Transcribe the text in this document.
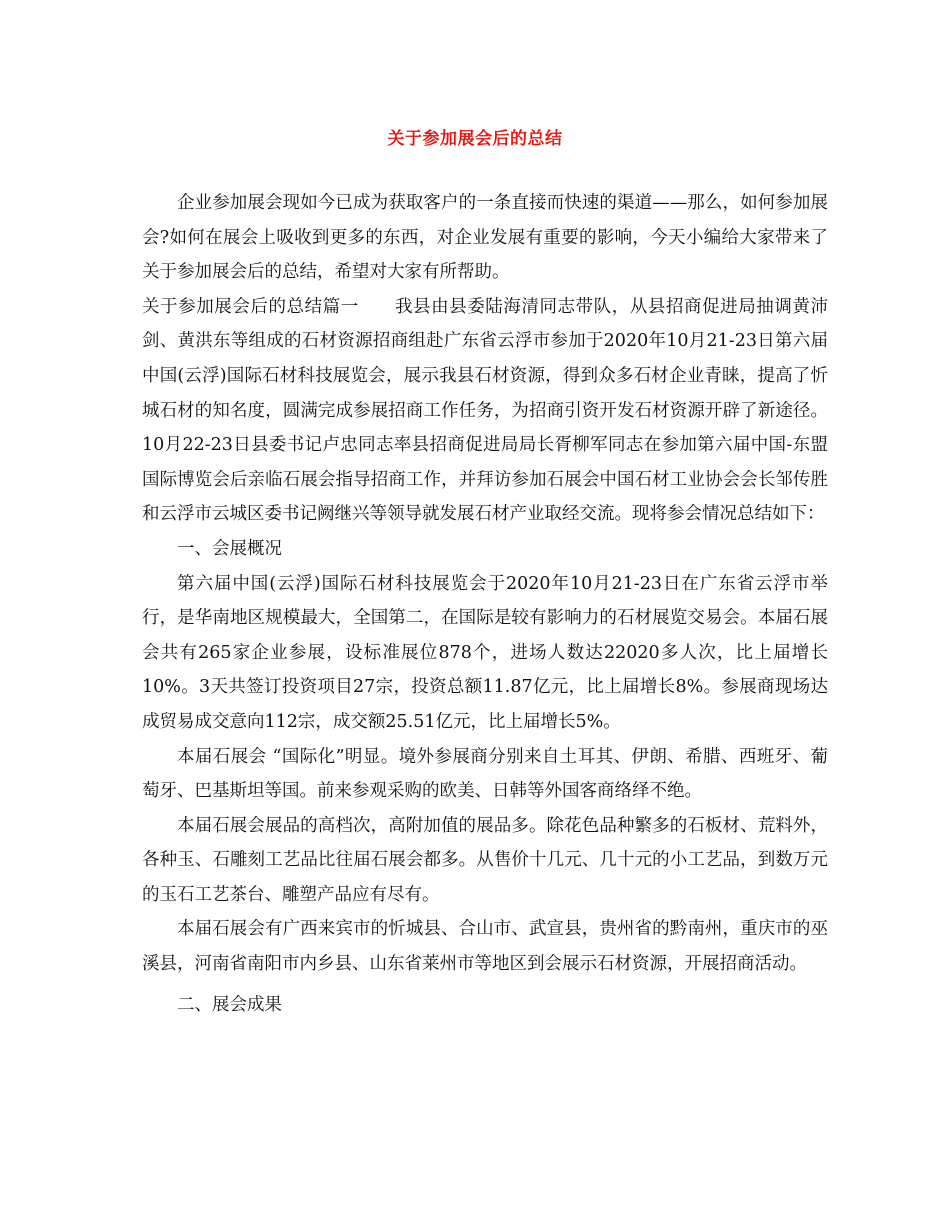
关于参加展会后的总结

企业参加展会现如今已成为获取客户的一条直接而快速的渠道——那么，如何参加展会?如何在展会上吸收到更多的东西，对企业发展有重要的影响，今天小编给大家带来了关于参加展会后的总结，希望对大家有所帮助。

关于参加展会后的总结篇一　　我县由县委陆海清同志带队，从县招商促进局抽调黄沛剑、黄洪东等组成的石材资源招商组赴广东省云浮市参加于2020年10月21-23日第六届中国(云浮)国际石材科技展览会，展示我县石材资源，得到众多石材企业青睐，提高了忻城石材的知名度，圆满完成参展招商工作任务，为招商引资开发石材资源开辟了新途径。10月22-23日县委书记卢忠同志率县招商促进局局长胥柳军同志在参加第六届中国-东盟国际博览会后亲临石展会指导招商工作，并拜访参加石展会中国石材工业协会会长邹传胜和云浮市云城区委书记阙继兴等领导就发展石材产业取经交流。现将参会情况总结如下：

一、会展概况

第六届中国(云浮)国际石材科技展览会于2020年10月21-23日在广东省云浮市举行，是华南地区规模最大，全国第二，在国际是较有影响力的石材展览交易会。本届石展会共有265家企业参展，设标准展位878个，进场人数达22020多人次，比上届增长10%。3天共签订投资项目27宗，投资总额11.87亿元，比上届增长8%。参展商现场达成贸易成交意向112宗，成交额25.51亿元，比上届增长5%。

本届石展会 “国际化”明显。境外参展商分别来自土耳其、伊朗、希腊、西班牙、葡萄牙、巴基斯坦等国。前来参观采购的欧美、日韩等外国客商络绎不绝。

本届石展会展品的高档次，高附加值的展品多。除花色品种繁多的石板材、荒料外，各种玉、石雕刻工艺品比往届石展会都多。从售价十几元、几十元的小工艺品，到数万元的玉石工艺茶台、雕塑产品应有尽有。

本届石展会有广西来宾市的忻城县、合山市、武宣县，贵州省的黔南州，重庆市的巫溪县，河南省南阳市内乡县、山东省莱州市等地区到会展示石材资源，开展招商活动。

二、展会成果
